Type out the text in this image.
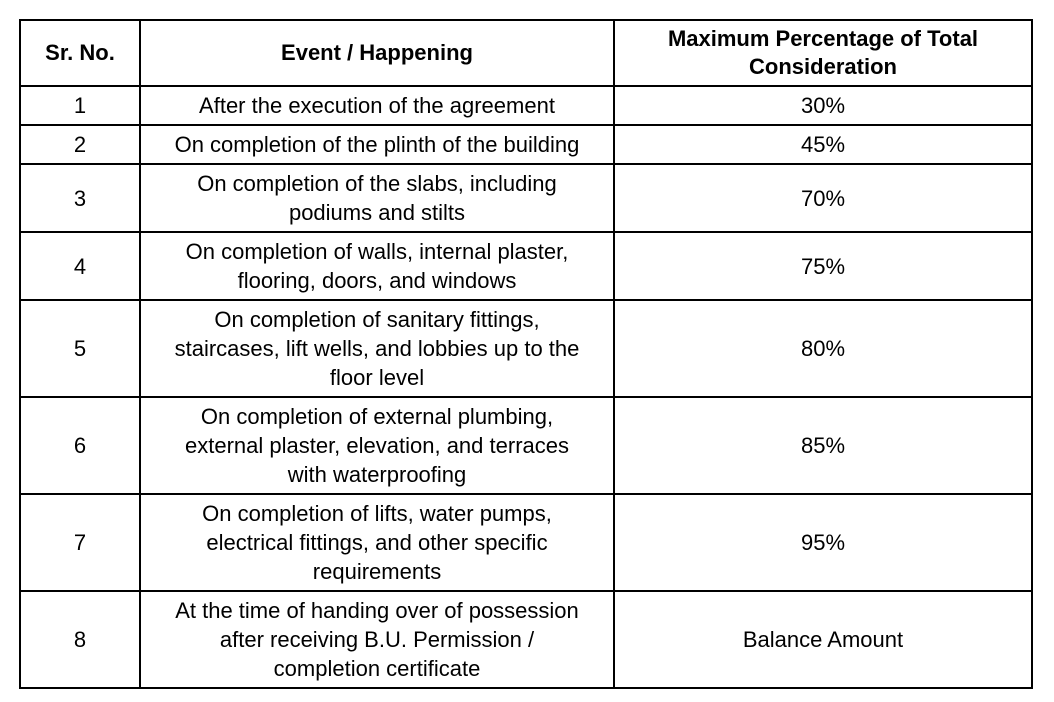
Sr. No.	Event / Happening	Maximum Percentage of Total
Consideration
1	After the execution of the agreement	30%
2	On completion of the plinth of the building	45%
3	On completion of the slabs, including
podiums and stilts	70%
4	On completion of walls, internal plaster,
flooring, doors, and windows	75%
5	On completion of sanitary fittings,
staircases, lift wells, and lobbies up to the
floor level	80%
6	On completion of external plumbing,
external plaster, elevation, and terraces
with waterproofing	85%
7	On completion of lifts, water pumps,
electrical fittings, and other specific
requirements	95%
8	At the time of handing over of possession
after receiving B.U. Permission /
completion certificate	Balance Amount
